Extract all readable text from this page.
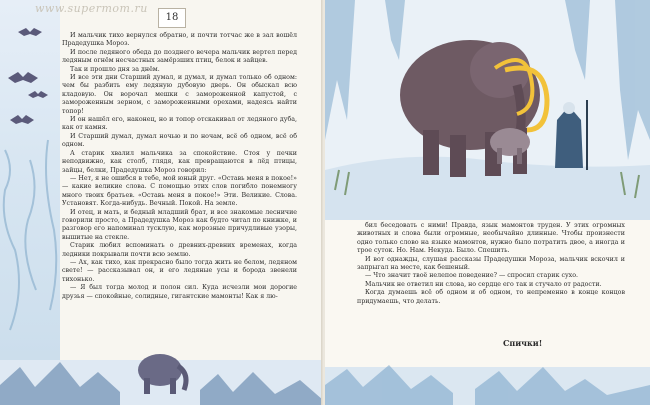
www.supermom.ru
18

И мальчик тихо вернулся обратно, и почти тотчас же в зал вошёл Прадедушка Мороз.

И после ледяного обеда до позднего вечера мальчик вертел перед ледяным огнём несчастных замёрзших птиц, белок и зайцев.

Так и прошло дня за днём.

И все эти дни Старший думал, и думал, и думал только об одном: чем бы разбить ему ледяную дубовую дверь. Он обыскал всю кладовую. Он ворочал мешки с замороженной капустой, с замороженным зерном, с замороженными орехами, надеясь найти топор!

И он нашёл его, наконец, но и топор отскакивал от ледяного дуба, как от камня.

И Старший думал, думал ночью и по ночам, всё об одном, всё об одном.

А старик хвалил мальчика за спокойствие. Стоя у печки неподвижно, как столб, глядя, как превращаются в лёд птицы, зайцы, белки, Прадедушка Мороз говорил:

— Нет, я не ошибся в тебе, мой юный друг. «Оставь меня в покое!» — какие великие слова. С помощью этих слов погибло понемногу много твоих братьев. «Оставь меня в покое!» Эти. Великие. Слова. Установят. Когда-нибудь. Вечный. Покой. На земле.

И отец, и мать, и бедный младший брат, и все знакомые лесничие говорили просто, а Прадедушка Мороз как будто читал по книжке, и разговор его напоминал тусклую, как морозные причудливые узоры, вышитые на стекле.

Старик любил вспоминать о древних-древних временах, когда ледники покрывали почти всю землю.

— Ах, как тихо, как прекрасно было тогда жить не белом, ледяном свете! — рассказывал он, и его ледяные усы и борода звенели тихонько.

— Я был тогда молод и полон сил. Куда исчезли мои дорогие друзья — спокойные, солидные, гигантские мамонты! Как я лю-

бил беседовать с ними! Правда, язык мамонтов труден. У этих огромных животных и слова были огромные, необычайно длинные. Чтобы произнести одно только слово на языке мамонтов, нужно было потратить двое, а иногда и трое суток. Но. Нам. Некуда. Было. Спешить.

И вот однажды, слушая рассказы Прадедушки Мороза, мальчик вскочил и запрыгал на месте, как бешеный.

— Что значит твоё нелепое поведение? — спросил старик сухо.

Мальчик не ответил ни слова, но сердце его так и стучало от радости.

Когда думаешь всё об одном и об одном, то непременно в конце концов придумаешь, что делать.

Спички!
